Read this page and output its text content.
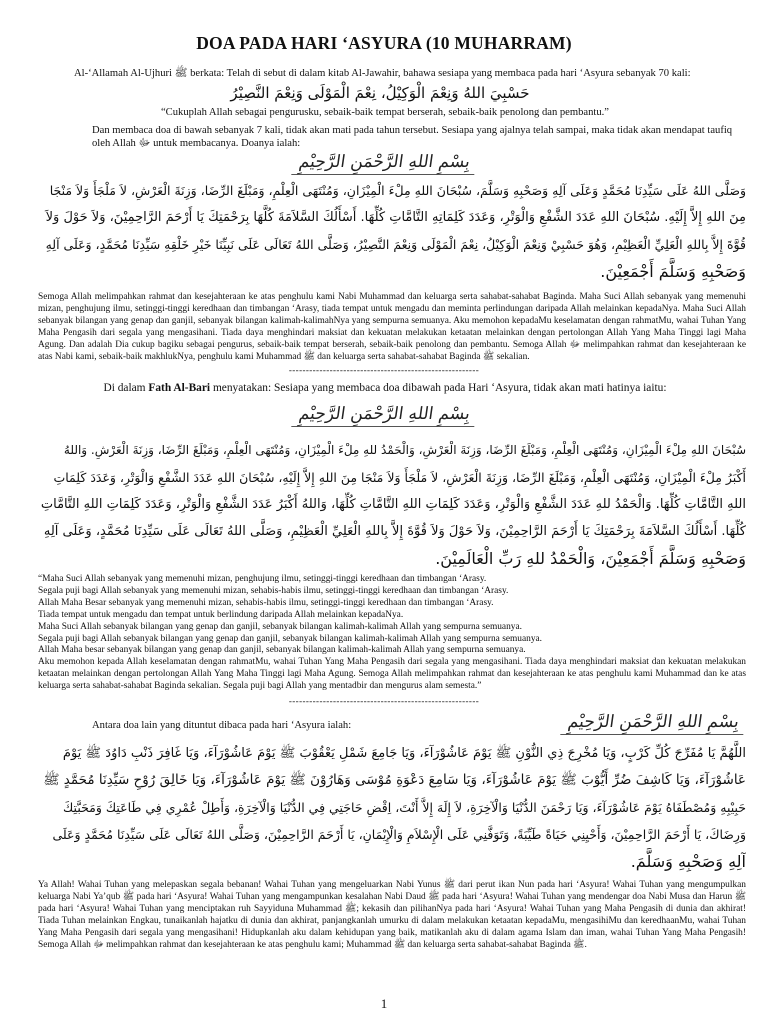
DOA PADA HARI ‘ASYURA (10 MUHARRAM)
Al-‘Allamah Al-Ujhuri ﷺ berkata: Telah di sebut di dalam kitab Al-Jawahir, bahawa sesiapa yang membaca pada hari ‘Asyura sebanyak 70 kali:
حَسْبِيَ اللهُ وَنِعْمَ الْوَكِيْلُ، نِعْمَ الْمَوْلَى وَنِعْمَ النَّصِيْرُ
“Cukuplah Allah sebagai pengurusku, sebaik-baik tempat berserah, sebaik-baik penolong dan pembantu.”
Dan membaca doa di bawah sebanyak 7 kali, tidak akan mati pada tahun tersebut. Sesiapa yang ajalnya telah sampai, maka tidak akan mendapat taufiq oleh Allah ﷻ untuk membacanya. Doanya ialah:
بِسْمِ اللهِ الرَّحْمَنِ الرَّحِيْمِ
وَصَلَّى اللهُ عَلَى سَيِّدِنَا مُحَمَّدٍ وَعَلَى آلِهِ وَصَحْبِهِ وَسَلَّمَ، سُبْحَانَ اللهِ مِلْءَ الْمِيْزَانِ، وَمُنْتَهَى الْعِلْمِ، وَمَبْلَغَ الرِّضَا، وَزِنَةَ الْعَرْشِ، لاَ مَلْجَأَ وَلاَ مَنْجَا
مِنَ اللهِ إِلاَّ إِلَيْهِ. سُبْحَانَ اللهِ عَدَدَ الشَّفْعِ وَالْوَتْرِ، وَعَدَدَ كَلِمَاتِهِ التَّامَّاتِ كُلِّهَا. أَسْأَلُكَ السَّلاَمَةَ كُلَّهَا بِرَحْمَتِكَ يَا أَرْحَمَ الرَّاحِمِيْنَ، وَلاَ حَوْلَ وَلاَ
قُوَّةَ إِلاَّ بِاللهِ الْعَلِيِّ الْعَظِيْمِ، وَهُوَ حَسْبِيْ وَنِعْمَ الْوَكِيْلُ، نِعْمَ الْمَوْلَى وَنِعْمَ النَّصِيْرُ، وَصَلَّى اللهُ تَعَالَى عَلَى نَبِيِّنَا خَيْرِ خَلْقِهِ سَيِّدِنَا مُحَمَّدٍ، وَعَلَى آلِهِ
وَصَحْبِهِ وَسَلَّمَ أَجْمَعِيْنَ.
Semoga Allah melimpahkan rahmat dan kesejahteraan ke atas penghulu kami Nabi Muhammad dan keluarga serta sahabat-sahabat Baginda. Maha Suci Allah sebanyak yang memenuhi mizan, penghujung ilmu, setinggi-tinggi keredhaan dan timbangan ‘Arasy, tiada tempat untuk mengadu dan meminta perlindungan daripada Allah melainkan kepadaNya. Maha Suci Allah sebanyak bilangan yang genap dan ganjil, sebanyak bilangan kalimah-kalimahNya yang sempurna semuanya. Aku memohon kepadaMu keselamatan dengan rahmatMu, wahai Tuhan Yang Maha Pengasih dari segala yang mengasihani. Tiada daya menghindari maksiat dan kekuatan melakukan ketaatan melainkan dengan pertolongan Allah Yang Maha Tinggi lagi Maha Agung. Dan adalah Dia cukup bagiku sebagai pengurus, sebaik-baik tempat berserah, sebaik-baik penolong dan pembantu. Semoga Allah ﷻ melimpahkan rahmat dan kesejahteraan ke atas Nabi kami, sebaik-baik makhlukNya, penghulu kami Muhammad ﷺ dan keluarga serta sahabat-sahabat Baginda ﷺ sekalian.
--------------------------------------------------------
Di dalam Fath Al-Bari menyatakan: Sesiapa yang membaca doa dibawah pada Hari ‘Asyura, tidak akan mati hatinya iaitu:
بِسْمِ اللهِ الرَّحْمَنِ الرَّحِيْمِ
سُبْحَانَ اللهِ مِلْءَ الْمِيْزَانِ، وَمُنْتَهَى الْعِلْمِ، وَمَبْلَغَ الرِّضَا، وَزِنَةَ الْعَرْشِ، وَالْحَمْدُ للهِ مِلْءَ الْمِيْزَانِ، وَمُنْتَهَى الْعِلْمِ، وَمَبْلَغَ الرِّضَا، وَزِنَةَ الْعَرْشِ. وَاللهُ
أَكْبَرُ مِلْءَ الْمِيْزَانِ، وَمُنْتَهَى الْعِلْمِ، وَمَبْلَغَ الرِّضَا، وَزِنَةَ الْعَرْشِ، لاَ مَلْجَأَ وَلاَ مَنْجَا مِنَ اللهِ إِلاَّ إِلَيْهِ، سُبْحَانَ اللهِ عَدَدَ الشَّفْعِ وَالْوَتْرِ، وَعَدَدَ كَلِمَاتِ
اللهِ التَّامَّاتِ كُلِّهَا. وَالْحَمْدُ للهِ عَدَدَ الشَّفْعِ وَالْوَتْرِ، وَعَدَدَ كَلِمَاتِ اللهِ التَّامَّاتِ كُلِّهَا، وَاللهُ أَكْبَرُ عَدَدَ الشَّفْعِ وَالْوَتْرِ، وَعَدَدَ كَلِمَاتِ اللهِ التَّامَّاتِ
كُلِّهَا. أَسْأَلُكَ السَّلاَمَةَ بِرَحْمَتِكَ يَا أَرْحَمَ الرَّاحِمِيْنَ، وَلاَ حَوْلَ وَلاَ قُوَّةَ إِلاَّ بِاللهِ الْعَلِيِّ الْعَظِيْمِ، وَصَلَّى اللهُ تَعَالَى عَلَى سَيِّدِنَا مُحَمَّدٍ، وَعَلَى آلِهِ
وَصَحْبِهِ وَسَلَّمَ أَجْمَعِيْنَ، وَالْحَمْدُ للهِ رَبِّ الْعَالَمِيْنَ.
“Maha Suci Allah sebanyak yang memenuhi mizan, penghujung ilmu, setinggi-tinggi keredhaan dan timbangan ‘Arasy.
Segala puji bagi Allah sebanyak yang memenuhi mizan, sehabis-habis ilmu, setinggi-tinggi keredhaan dan timbangan ‘Arasy.
Allah Maha Besar sebanyak yang memenuhi mizan, sehabis-habis ilmu, setinggi-tinggi keredhaan dan timbangan ‘Arasy.
Tiada tempat untuk mengadu dan tempat untuk berlindung daripada Allah melainkan kepadaNya.
Maha Suci Allah sebanyak bilangan yang genap dan ganjil, sebanyak bilangan kalimah-kalimah Allah yang sempurna semuanya.
Segala puji bagi Allah sebanyak bilangan yang genap dan ganjil, sebanyak bilangan kalimah-kalimah Allah yang sempurna semuanya.
Allah Maha besar sebanyak bilangan yang genap dan ganjil, sebanyak bilangan kalimah-kalimah Allah yang sempurna semuanya.
Aku memohon kepada Allah keselamatan dengan rahmatMu, wahai Tuhan Yang Maha Pengasih dari segala yang mengasihani. Tiada daya menghindari maksiat dan kekuatan melakukan ketaatan melainkan dengan pertolongan Allah Yang Maha Tinggi lagi Maha Agung. Semoga Allah melimpahkan rahmat dan kesejahteraan ke atas penghulu kami Muhammad dan ke atas keluarga serta sahabat-sahabat Baginda sekalian. Segala puji bagi Allah yang mentadbir dan mengurus alam semesta.”
--------------------------------------------------------
Antara doa lain yang dituntut dibaca pada hari ‘Asyura ialah:	بِسْمِ اللهِ الرَّحْمَنِ الرَّحِيْمِ
اللَّهُمَّ يَا مُفَرِّجَ كُلِّ كَرْبٍ، وَيَا مُخْرِجَ ذِي النُّوْنِ ﷺ يَوْمَ عَاشُوْرَآءَ، وَيَا جَامِعَ شَمْلِ يَعْقُوْبَ ﷺ يَوْمَ عَاشُوْرَآءَ، وَيَا غَافِرَ ذَنْبِ دَاوُدَ ﷺ يَوْمَ
عَاشُوْرَآءَ، وَيَا كَاشِفَ ضُرِّ أَيُّوْبَ ﷺ يَوْمَ عَاشُوْرَآءَ، وَيَا سَامِعَ دَعْوَةِ مُوْسَى وَهَارُوْنَ ﷺ يَوْمَ عَاشُوْرَآءَ، وَيَا خَالِقَ رُوْحِ سَيِّدِنَا مُحَمَّدٍ ﷺ
حَبِيْبِهِ وَمُصْطَفَاهُ يَوْمَ عَاشُوْرَآءَ، وَيَا رَحْمَنَ الدُّنْيَا وَالْآخِرَةِ، لاَ إِلَهَ إِلاَّ أَنْتَ، اِقْضِ حَاجَتِي فِي الدُّنْيَا وَالْآخِرَةِ، وَأَطِلْ عُمْرِي فِي طَاعَتِكَ وَمَحَبَّتِكَ
وَرِضَاكَ، يَا أَرْحَمَ الرَّاحِمِيْنَ، وَأَحْيِنِي حَيَاةً طَيِّبَةً، وَتَوَفَّنِي عَلَى الْإِسْلاَمِ وَالْإِيْمَانِ، يَا أَرْحَمَ الرَّاحِمِيْنَ، وَصَلَّى اللهُ تَعَالَى عَلَى سَيِّدِنَا مُحَمَّدٍ وَعَلَى
آلِهِ وَصَحْبِهِ وَسَلَّمَ.
Ya Allah! Wahai Tuhan yang melepaskan segala bebanan! Wahai Tuhan yang mengeluarkan Nabi Yunus ﷺ dari perut ikan Nun pada hari ‘Asyura! Wahai Tuhan yang mengumpulkan keluarga Nabi Ya’qub ﷺ pada hari ‘Asyura! Wahai Tuhan yang mengampunkan kesalahan Nabi Daud ﷺ pada hari ‘Asyura! Wahai Tuhan yang mendengar doa Nabi Musa dan Harun ﷺ pada hari ‘Asyura! Wahai Tuhan yang menciptakan ruh Sayyiduna Muhammad ﷺ; kekasih dan pilihanNya pada hari ‘Asyura! Wahai Tuhan yang Maha Pengasih di dunia dan akhirat! Tiada Tuhan melainkan Engkau, tunaikanlah hajatku di dunia dan akhirat, panjangkanlah umurku di dalam melakukan ketaatan kepadaMu, mengasihiMu dan keredhaanMu, wahai Tuhan Yang Maha Pengasih dari segala yang mengasihani! Hidupkanlah aku dalam kehidupan yang baik, matikanlah aku di dalam agama Islam dan iman, wahai Tuhan Yang Maha Pengasih! Semoga Allah ﷻ melimpahkan rahmat dan kesejahteraan ke atas penghulu kami; Muhammad ﷺ dan keluarga serta sahabat-sahabat Baginda ﷺ.
1
